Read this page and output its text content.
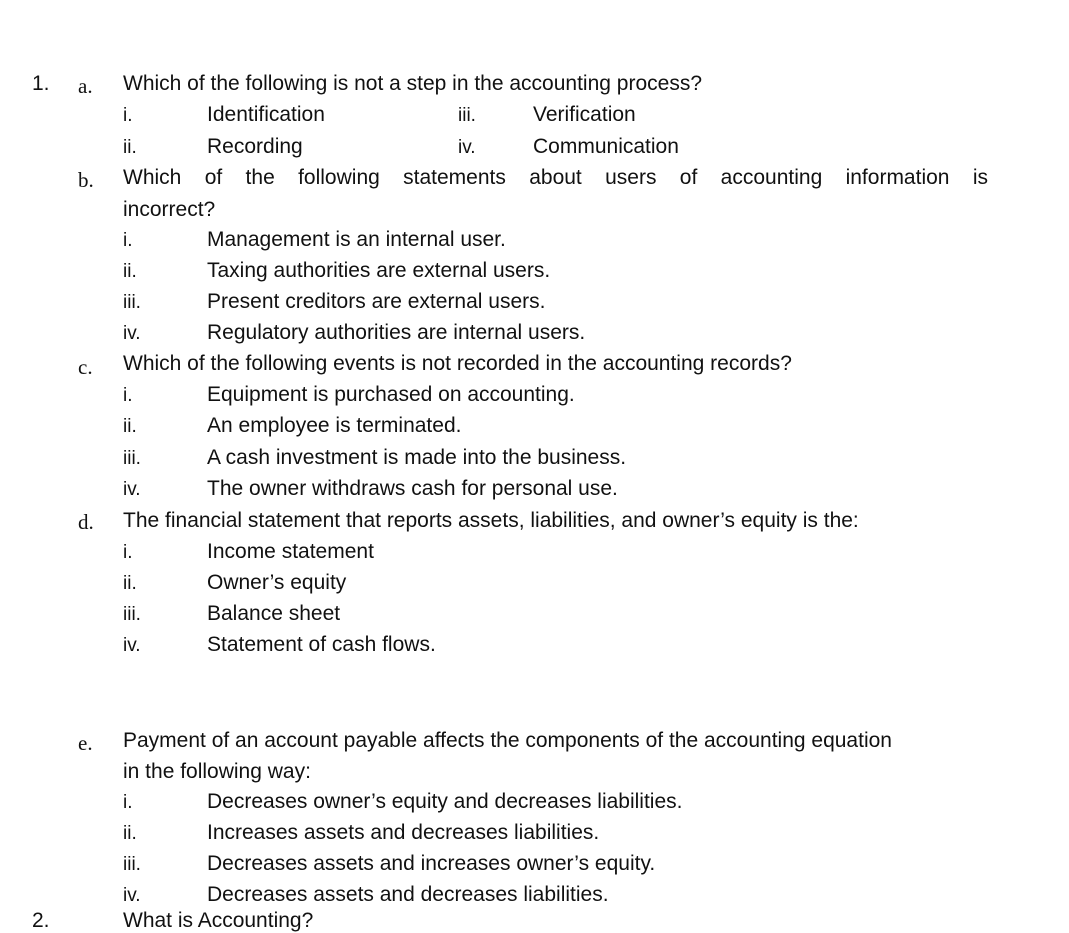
1. a. Which of the following is not a step in the accounting process?
i.	Identification	iii.	Verification
ii.	Recording	iv.	Communication
b. Which of the following statements about users of accounting information is
incorrect?
i.	Management is an internal user.
ii.	Taxing authorities are external users.
iii.	Present creditors are external users.
iv.	Regulatory authorities are internal users.
c. Which of the following events is not recorded in the accounting records?
i.	Equipment is purchased on accounting.
ii.	An employee is terminated.
iii.	A cash investment is made into the business.
iv.	The owner withdraws cash for personal use.
d. The financial statement that reports assets, liabilities, and owner’s equity is the:
i.	Income statement
ii.	Owner’s equity
iii.	Balance sheet
iv.	Statement of cash flows.
e. Payment of an account payable affects the components of the accounting equation
in the following way:
i.	Decreases owner’s equity and decreases liabilities.
ii.	Increases assets and decreases liabilities.
iii.	Decreases assets and increases owner’s equity.
iv.	Decreases assets and decreases liabilities.
2.	What is Accounting?
